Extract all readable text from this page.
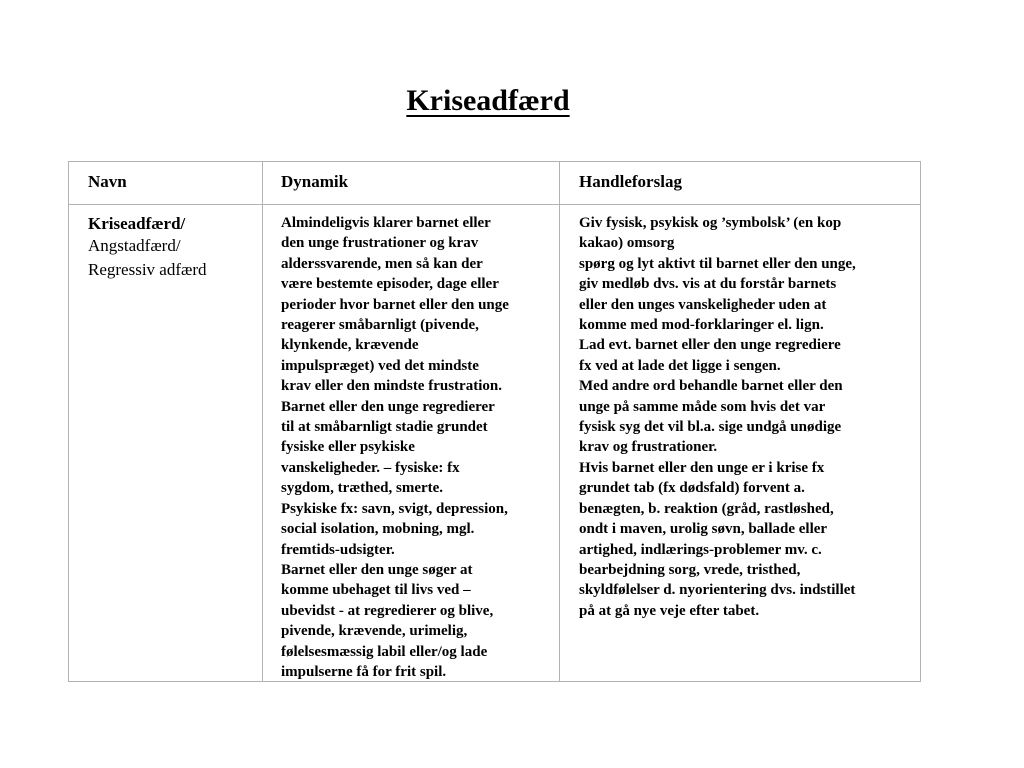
Kriseadfærd
Navn	Dynamik	Handleforslag
Kriseadfærd/
Angstadfærd/
Regressiv adfærd
Almindeligvis klarer barnet eller
den unge frustrationer og krav
alderssvarende, men så kan der
være bestemte episoder, dage eller
perioder hvor barnet eller den unge
reagerer småbarnligt (pivende,
klynkende, krævende
impulspræget) ved det mindste
krav eller den mindste frustration.
Barnet eller den unge regredierer
til at småbarnligt stadie grundet
fysiske eller psykiske
vanskeligheder. – fysiske: fx
sygdom, træthed, smerte.
Psykiske fx: savn, svigt, depression,
social isolation, mobning, mgl.
fremtids-udsigter.
Barnet eller den unge søger at
komme ubehaget til livs ved –
ubevidst - at regredierer og blive,
pivende, krævende, urimelig,
følelsesmæssig labil eller/og lade
impulserne få for frit spil.
Giv fysisk, psykisk og ’symbolsk’ (en kop
kakao) omsorg
spørg og lyt aktivt til barnet eller den unge,
giv medløb dvs. vis at du forstår barnets
eller den unges vanskeligheder uden at
komme med mod-forklaringer el. lign.
Lad evt. barnet eller den unge regrediere
fx ved at lade det ligge i sengen.
Med andre ord behandle barnet eller den
unge på samme måde som hvis det var
fysisk syg det vil bl.a. sige undgå unødige
krav og frustrationer.
Hvis barnet eller den unge er i krise fx
grundet tab (fx dødsfald) forvent a.
benægten, b. reaktion (gråd, rastløshed,
ondt i maven, urolig søvn, ballade eller
artighed, indlærings-problemer mv. c.
bearbejdning sorg, vrede, tristhed,
skyldfølelser d. nyorientering dvs. indstillet
på at gå nye veje efter tabet.
